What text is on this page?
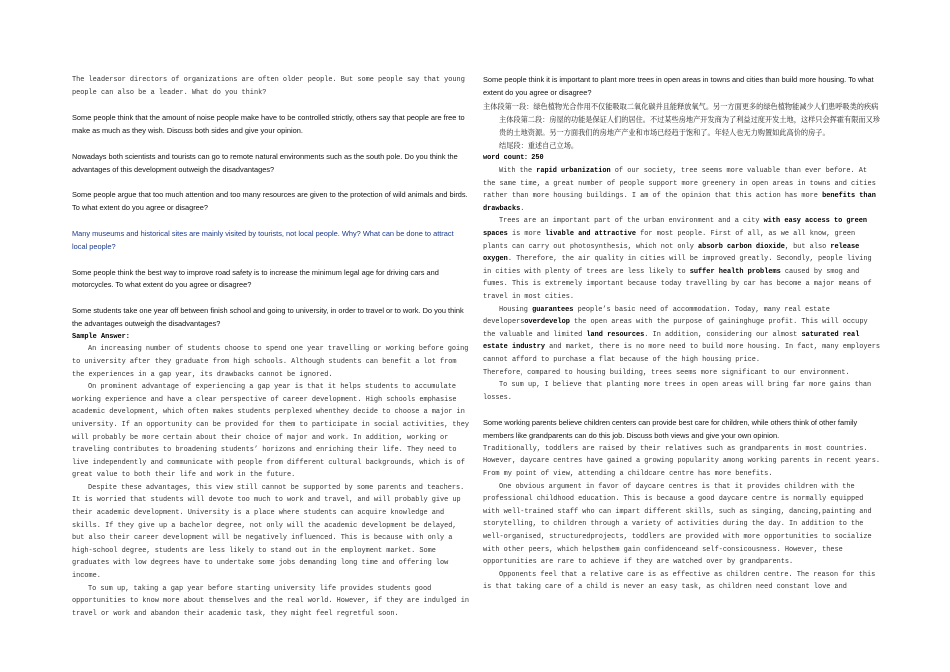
The leadersor directors of organizations are often older people. But some people say that young people can also be a leader. What do you think?

Some people think that the amount of noise people make have to be controlled strictly, others say that people are free to make as much as they wish. Discuss both sides and give your opinion.

Nowadays both scientists and tourists can go to remote natural environments such as the south pole. Do you think the advantages of this development outweigh the disadvantages?

Some people argue that too much attention and too many resources are given to the protection of wild animals and birds. To what extent do you agree or disagree?

Many museums and historical sites are mainly visited by tourists, not local people. Why? What can be done to attract local people?

Some people think the best way to improve road safety is to increase the minimum legal age for driving cars and motorcycles. To what extent do you agree or disagree?

Some students take one year off between finish school and going to university, in order to travel or to work. Do you think the advantages outweigh the disadvantages?

Sample Answer:

An increasing number of students choose to spend one year travelling or working before going to university after they graduate from high schools. Although students can benefit a lot from the experiences in a gap year, its drawbacks cannot be ignored.

On prominent advantage of experiencing a gap year is that it helps students to accumulate working experience and have a clear perspective of career development. High schools emphasise academic development, which often makes students perplexed whenthey decide to choose a major in university. If an opportunity can be provided for them to participate in social activities, they will probably be more certain about their choice of major and work. In addition, working or traveling contributes to broadening students’ horizons and enriching their life. They need to live independently and communicate with people from different cultural backgrounds, which is of great value to both their life and work in the future.

Despite these advantages, this view still cannot be supported by some parents and teachers. It is worried that students will devote too much to work and travel, and will probably give up their academic development. University is a place where students can acquire knowledge and skills. If they give up a bachelor degree, not only will the academic development be delayed, but also their career development will be negatively influenced. This is because with only a high-school degree, students are less likely to stand out in the employment market. Some graduates with low degrees have to undertake some jobs demanding long time and offering low income.

To sum up, taking a gap year before starting university life provides students good opportunities to know more about themselves and the real world. However, if they are indulged in travel or work and abandon their academic task, they might feel regretful soon.

Some people think it is important to plant more trees in open areas in towns and cities than build more housing. To what extent do you agree or disagree?

主体段第一段：绿色植物光合作用不仅能吸取二氧化碳并且能释放氧气。另一方面更多的绿色植物能减少人们患呼吸类的疾病

主体段第二段：房屋的功能是保证人们的居住。不过某些房地产开发商为了利益过度开发土地，这样只会挥霍有限而又珍贵的土地资源。另一方面我们的房地产产业和市场已经趋于饱和了。年轻人也无力购置如此高价的房子。

结尾段：重述自己立场。

word count：250

With the rapid urbanization of our society, tree seems more valuable than ever before. At the same time, a great number of people support more greenery in open areas in towns and cities rather than more housing buildings. I am of the opinion that this action has more benefits than drawbacks.

Trees are an important part of the urban environment and a city with easy access to green spaces is more livable and attractive for most people. First of all, as we all know, green plants can carry out photosynthesis, which not only absorb carbon dioxide, but also release oxygen. Therefore, the air quality in cities will be improved greatly. Secondly, people living in cities with plenty of trees are less likely to suffer health problems caused by smog and fumes. This is extremely important because today travelling by car has become a major means of travel in most cities.

Housing guarantees people’s basic need of accommodation. Today, many real estate developersoverdevelop the open areas with the purpose of gaininghuge profit. This will occupy the valuable and limited land resources. In addition, considering our almost saturated real estate industry and market, there is no more need to build more housing. In fact, many employers cannot afford to purchase a flat because of the high housing price.

Therefore，compared to housing building, trees seems more significant to our environment.

To sum up, I believe that planting more trees in open areas will bring far more gains than losses.

Some working parents believe children centers can provide best care for children, while others think of other family members like grandparents can do this job. Discuss both views and give your own opinion.

Traditionally, toddlers are raised by their relatives such as grandparents in most countries. However, daycare centres have gained a growing popularity among working parents in recent years. From my point of view, attending a childcare centre has more benefits.

One obvious argument in favor of daycare centres is that it provides children with the professional childhood education. This is because a good daycare centre is normally equipped with well-trained staff who can impart different skills, such as singing, dancing,painting and storytelling, to children through a variety of activities during the day. In addition to the well-organised, structuredprojects, toddlers are provided with more opportunities to socialize with other peers, which helpsthem gain confidenceand self-consicousness. However, these opportunities are rare to achieve if they are watched over by grandparents.

Opponents feel that a relative care is as effective as children centre. The reason for this is that taking care of a child is never an easy task, as children need constant love and
